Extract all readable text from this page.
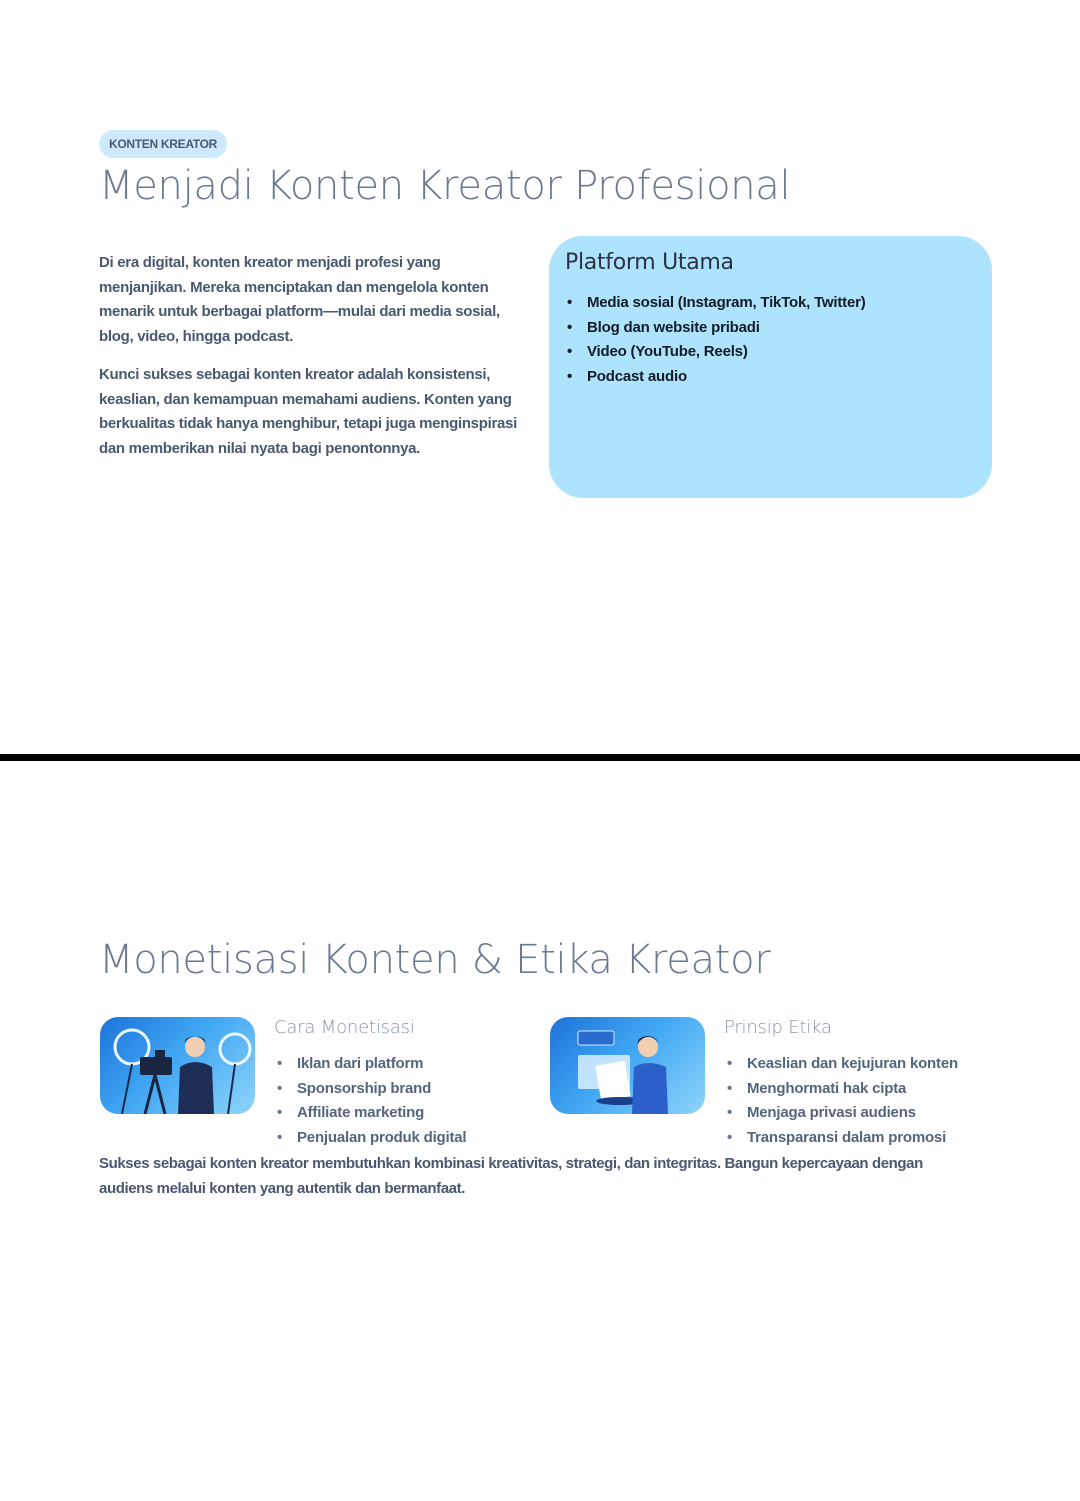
KONTEN KREATOR
Menjadi Konten Kreator Profesional

Di era digital, konten kreator menjadi profesi yang menjanjikan. Mereka menciptakan dan mengelola konten menarik untuk berbagai platform—mulai dari media sosial, blog, video, hingga podcast.

Kunci sukses sebagai konten kreator adalah konsistensi, keaslian, dan kemampuan memahami audiens. Konten yang berkualitas tidak hanya menghibur, tetapi juga menginspirasi dan memberikan nilai nyata bagi penontonnya.

Platform Utama
• Media sosial (Instagram, TikTok, Twitter)
• Blog dan website pribadi
• Video (YouTube, Reels)
• Podcast audio
Monetisasi Konten & Etika Kreator
Cara Monetisasi
• Iklan dari platform
• Sponsorship brand
• Affiliate marketing
• Penjualan produk digital
Prinsip Etika
• Keaslian dan kejujuran konten
• Menghormati hak cipta
• Menjaga privasi audiens
• Transparansi dalam promosi

Sukses sebagai konten kreator membutuhkan kombinasi kreativitas, strategi, dan integritas. Bangun kepercayaan dengan audiens melalui konten yang autentik dan bermanfaat.
